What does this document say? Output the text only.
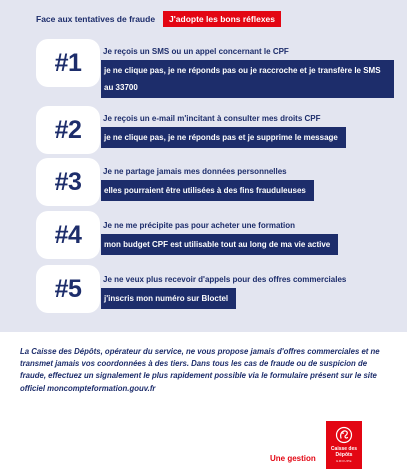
Face aux tentatives de fraude	J'adopte les bons réflexes
#1	Je reçois un SMS ou un appel concernant le CPF
je ne clique pas, je ne réponds pas ou je raccroche et je transfère le SMS au 33700
#2	Je reçois un e-mail m'incitant à consulter mes droits CPF
je ne clique pas, je ne réponds pas et je supprime le message
#3	Je ne partage jamais mes données personnelles
elles pourraient être utilisées à des fins frauduleuses
#4	Je ne me précipite pas pour acheter une formation
mon budget CPF est utilisable tout au long de ma vie active
#5	Je ne veux plus recevoir d'appels pour des offres commerciales
j'inscris mon numéro sur Bloctel
La Caisse des Dépôts, opérateur du service, ne vous propose jamais d'offres commerciales et ne transmet jamais vos coordonnées à des tiers. Dans tous les cas de fraude ou de suspicion de fraude, effectuez un signalement le plus rapidement possible via le formulaire présent sur le site officiel moncompteformation.gouv.fr
Une gestion
Caisse des Dépôts
GROUPE
